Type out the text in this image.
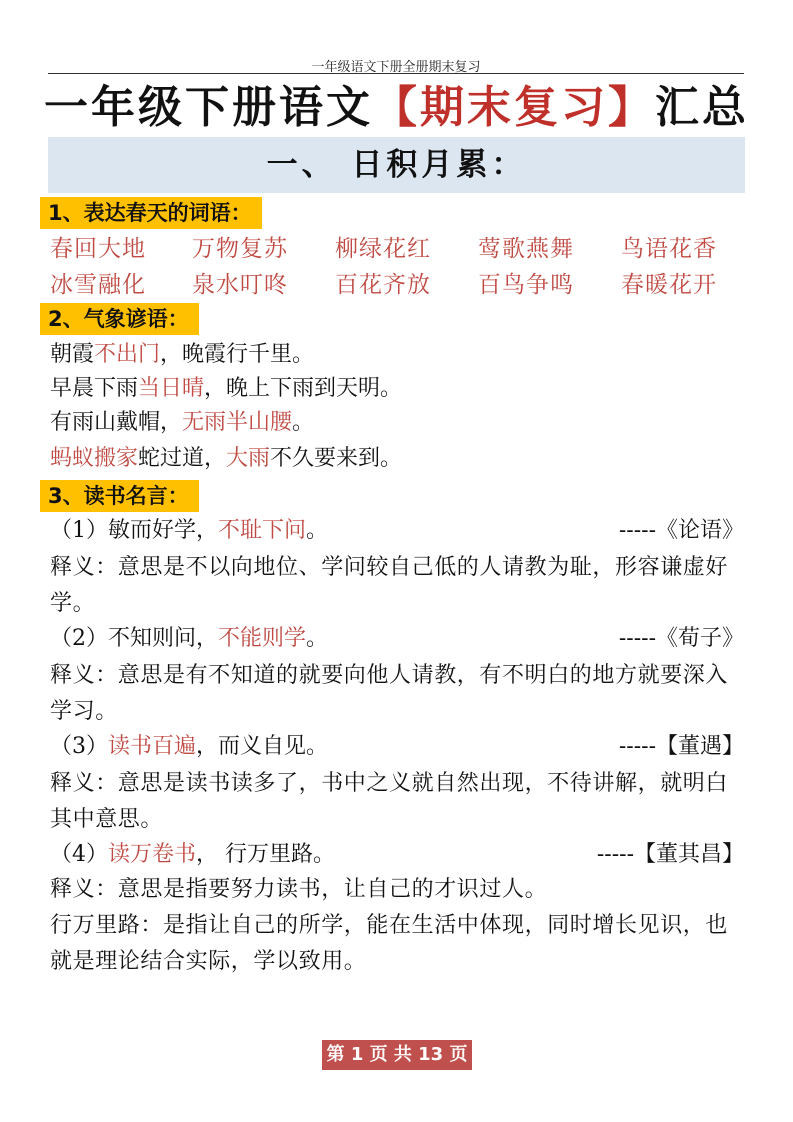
一年级语文下册全册期末复习
一年级下册语文【期末复习】汇总
一、 日积月累：
1、表达春天的词语：
春回大地 万物复苏 柳绿花红 莺歌燕舞 鸟语花香
冰雪融化 泉水叮咚 百花齐放 百鸟争鸣 春暖花开
2、气象谚语：
朝霞不出门，晚霞行千里。
早晨下雨当日晴，晚上下雨到天明。
有雨山戴帽，无雨半山腰。
蚂蚁搬家蛇过道，大雨不久要来到。
3、读书名言：
（1）敏而好学，不耻下问。	-----《论语》
释义：意思是不以向地位、学问较自己低的人请教为耻，形容谦虚好学。
（2）不知则问，不能则学。	-----《荀子》
释义：意思是有不知道的就要向他人请教，有不明白的地方就要深入学习。
（3）读书百遍，而义自见。	-----【董遇】
释义：意思是读书读多了，书中之义就自然出现，不待讲解，就明白其中意思。
（4）读万卷书， 行万里路。	-----【董其昌】
释义：意思是指要努力读书，让自己的才识过人。
行万里路：是指让自己的所学，能在生活中体现，同时增长见识，也就是理论结合实际，学以致用。
第 1 页 共 13 页
